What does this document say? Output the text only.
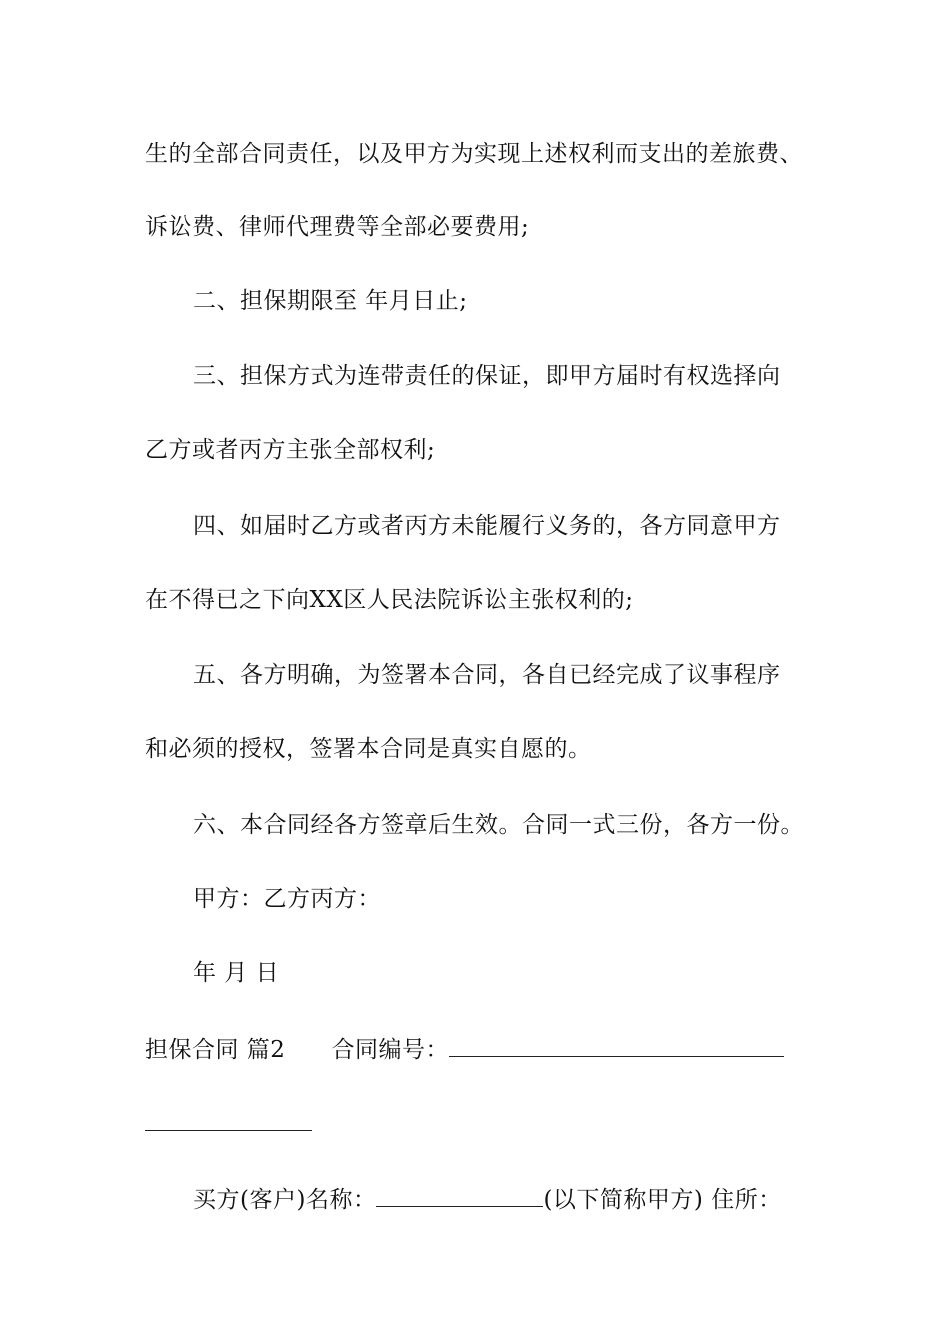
生的全部合同责任，以及甲方为实现上述权利而支出的差旅费、
诉讼费、律师代理费等全部必要费用;
二、担保期限至 年月日止;
三、担保方式为连带责任的保证，即甲方届时有权选择向
乙方或者丙方主张全部权利;
四、如届时乙方或者丙方未能履行义务的，各方同意甲方
在不得已之下向XX区人民法院诉讼主张权利的;
五、各方明确，为签署本合同，各自已经完成了议事程序
和必须的授权，签署本合同是真实自愿的。
六、本合同经各方签章后生效。合同一式三份，各方一份。
甲方：乙方丙方：
年 月 日
担保合同 篇2 合同编号：
买方(客户)名称：	(以下简称甲方) 住所：
